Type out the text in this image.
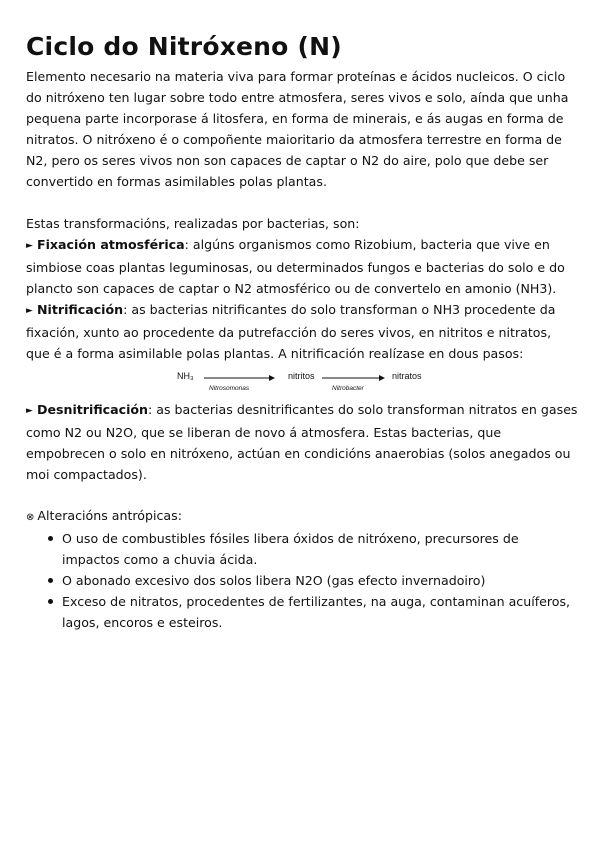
Ciclo do Nitróxeno (N)

Elemento necesario na materia viva para formar proteínas e ácidos nucleicos. O ciclo do nitróxeno ten lugar sobre todo entre atmosfera, seres vivos e solo, aínda que unha pequena parte incorporase á litosfera, en forma de minerais, e ás augas en forma de nitratos. O nitróxeno é o compoñente maioritario da atmosfera terrestre en forma de N2, pero os seres vivos non son capaces de captar o N2 do aire, polo que debe ser convertido en formas asimilables polas plantas.

Estas transformacións, realizadas por bacterias, son:

► Fixación atmosférica: algúns organismos como Rizobium, bacteria que vive en simbiose coas plantas leguminosas, ou determinados fungos e bacterias do solo e do plancto son capaces de captar o N2 atmosférico ou de convertelo en amonio (NH3).

► Nitrificación: as bacterias nitrificantes do solo transforman o NH3 procedente da fixación, xunto ao procedente da putrefacción do seres vivos, en nitritos e nitratos, que é a forma asimilable polas plantas. A nitrificación realízase en dous pasos:

NH₃	nitritos	nitratos
Nitrosomonas	Nitrobacter

► Desnitrificación: as bacterias desnitrificantes do solo transforman nitratos en gases como N2 ou N2O, que se liberan de novo á atmosfera. Estas bacterias, que empobrecen o solo en nitróxeno, actúan en condicións anaerobias (solos anegados ou moi compactados).

⊗ Alteracións antrópicas:

O uso de combustibles fósiles libera óxidos de nitróxeno, precursores de impactos como a chuvia ácida.
O abonado excesivo dos solos libera N2O (gas efecto invernadoiro)
Exceso de nitratos, procedentes de fertilizantes, na auga, contaminan acuíferos, lagos, encoros e esteiros.
